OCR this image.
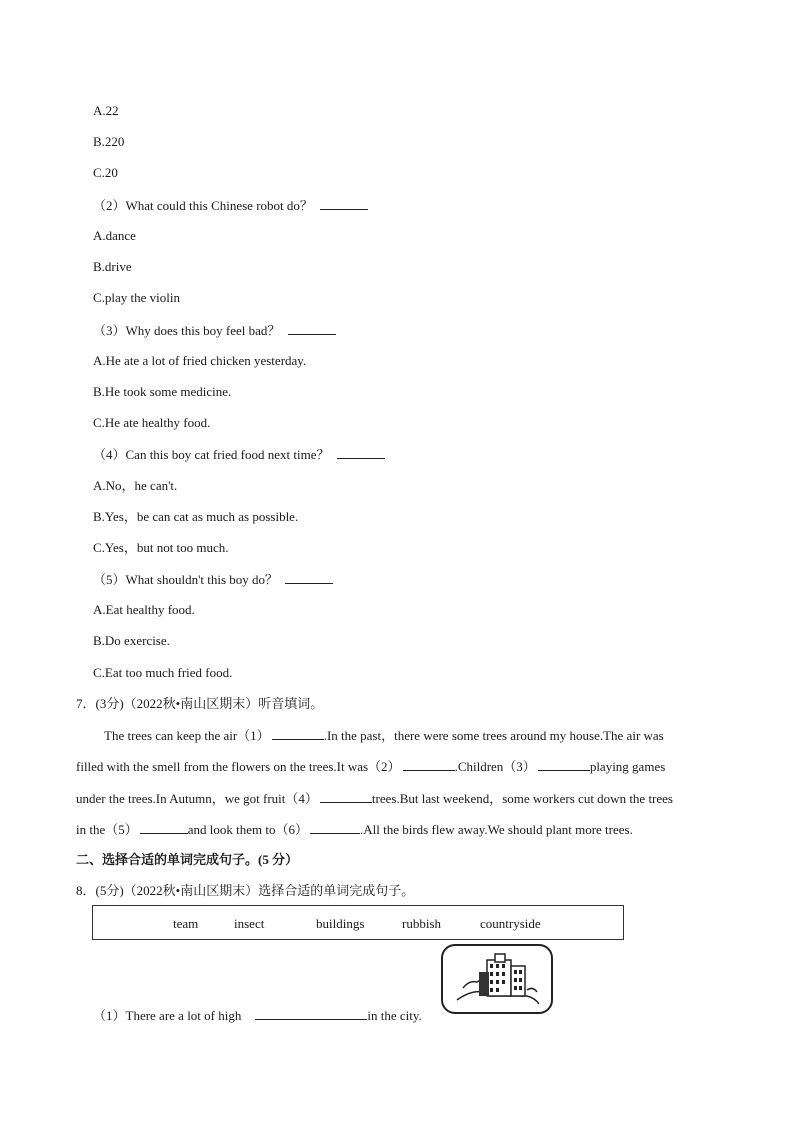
A.22
B.220
C.20
（2）What could this Chinese robot do？
A.dance
B.drive
C.play the violin
（3）Why does this boy feel bad？
A.He ate a lot of fried chicken yesterday.
B.He took some medicine.
C.He ate healthy food.
（4）Can this boy cat fried food next time？
A.No，he can't.
B.Yes，be can cat as much as possible.
C.Yes，but not too much.
（5）What shouldn't this boy do？
A.Eat healthy food.
B.Do exercise.
C.Eat too much fried food.
7．(3分)（2022秋•南山区期末）听音填词。
The trees can keep the air（1）	.In the past，there were some trees around my house.The air was
filled with the smell from the flowers on the trees.It was（2）	.Children（3）	playing games
under the trees.In Autumn，we got fruit（4）	trees.But last weekend，some workers cut down the trees
in the（5）	and look them to（6）	.All the birds flew away.We should plant more trees.
二、选择合适的单词完成句子。(5 分）
8．(5分)（2022秋•南山区期末）选择合适的单词完成句子。
team	insect	buildings	rubbish	countryside
（1）There are a lot of high	in the city.
